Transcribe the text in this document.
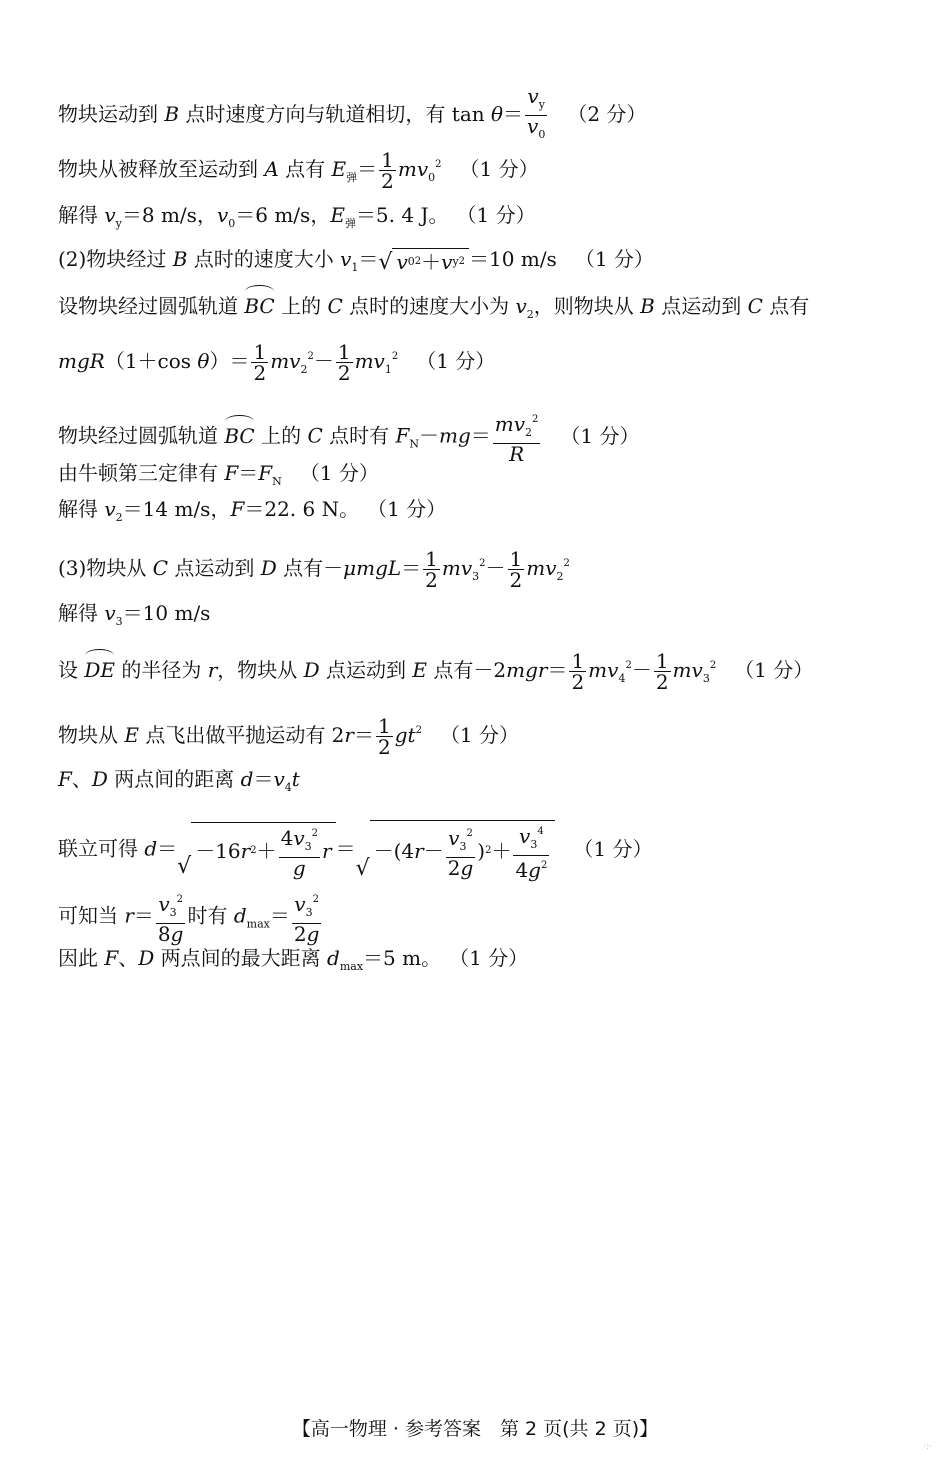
物块运动到 B 点时速度方向与轨道相切，有 $\tan \theta= \frac{v_y}{v_0} (2$ 分）
物块从被释放至运动到 A 点有 $E_弹= \frac{1}{2} mv_0^2$ （1 分）
解得 $v_y=8$ m/s，$v_0=6$ m/s，$E_弹=5$. 4 J。 （1 分）
(2)物块经过 B 点时的速度大小 $v_1=$ √ v 0 2 ＋ v y 2 ＝10 m/s （1 分）
设物块经过圆弧轨道 BC 上的 C 点时的速度大小为 $v_2$，则物块从 B 点运动到 C 点有
mgR（1＋cos $\theta)= \frac{1}{2} mv_2^2- \frac{1}{2} mv_1^2$ （1 分）
物块经过圆弧轨道 BC 上的 C 点时有 $F_N-mg= \frac{mv_2^2}{R} (1$ 分）
由牛顿第三定律有 $F=F_N$ （1 分）
解得 $v_2=14$ m/s，F＝22. 6 N。 （1 分）
(3)物块从 C 点运动到 D 点有$-\mu mgL= \frac{1}{2} mv_3^2- \frac{1}{2} mv_2^2$
解得 $v_3=10$ m/s
设 DE 的半径为 r，物块从 D 点运动到 E 点有$-2mgr= \frac{1}{2} mv_4^2- \frac{1}{2} mv_3^2$ （1 分）
物块从 E 点飞出做平抛运动有 $2r= \frac{1}{2} gt^2$ （1 分）
F、D 两点间的距离 $d=v_4t$
联立可得 d＝
√
－16 r $2 + \frac{4v_3^2}{g}$ r ＝
√
－(4 $r - \frac{v_3^2}{2g}$ ) $2 + \frac{v_3^4}{4g^2} (1$ 分）
可知当 $r= \frac{v_3^2}{8g}$ 时有 $d_{max}= \frac{v_3^2}{2g}$
因此 F、D 两点间的最大距离 $d_{max}=5$ m。 （1 分）
【高一物理 · 参考答案　第 2 页(共 2 页)】
·:·
